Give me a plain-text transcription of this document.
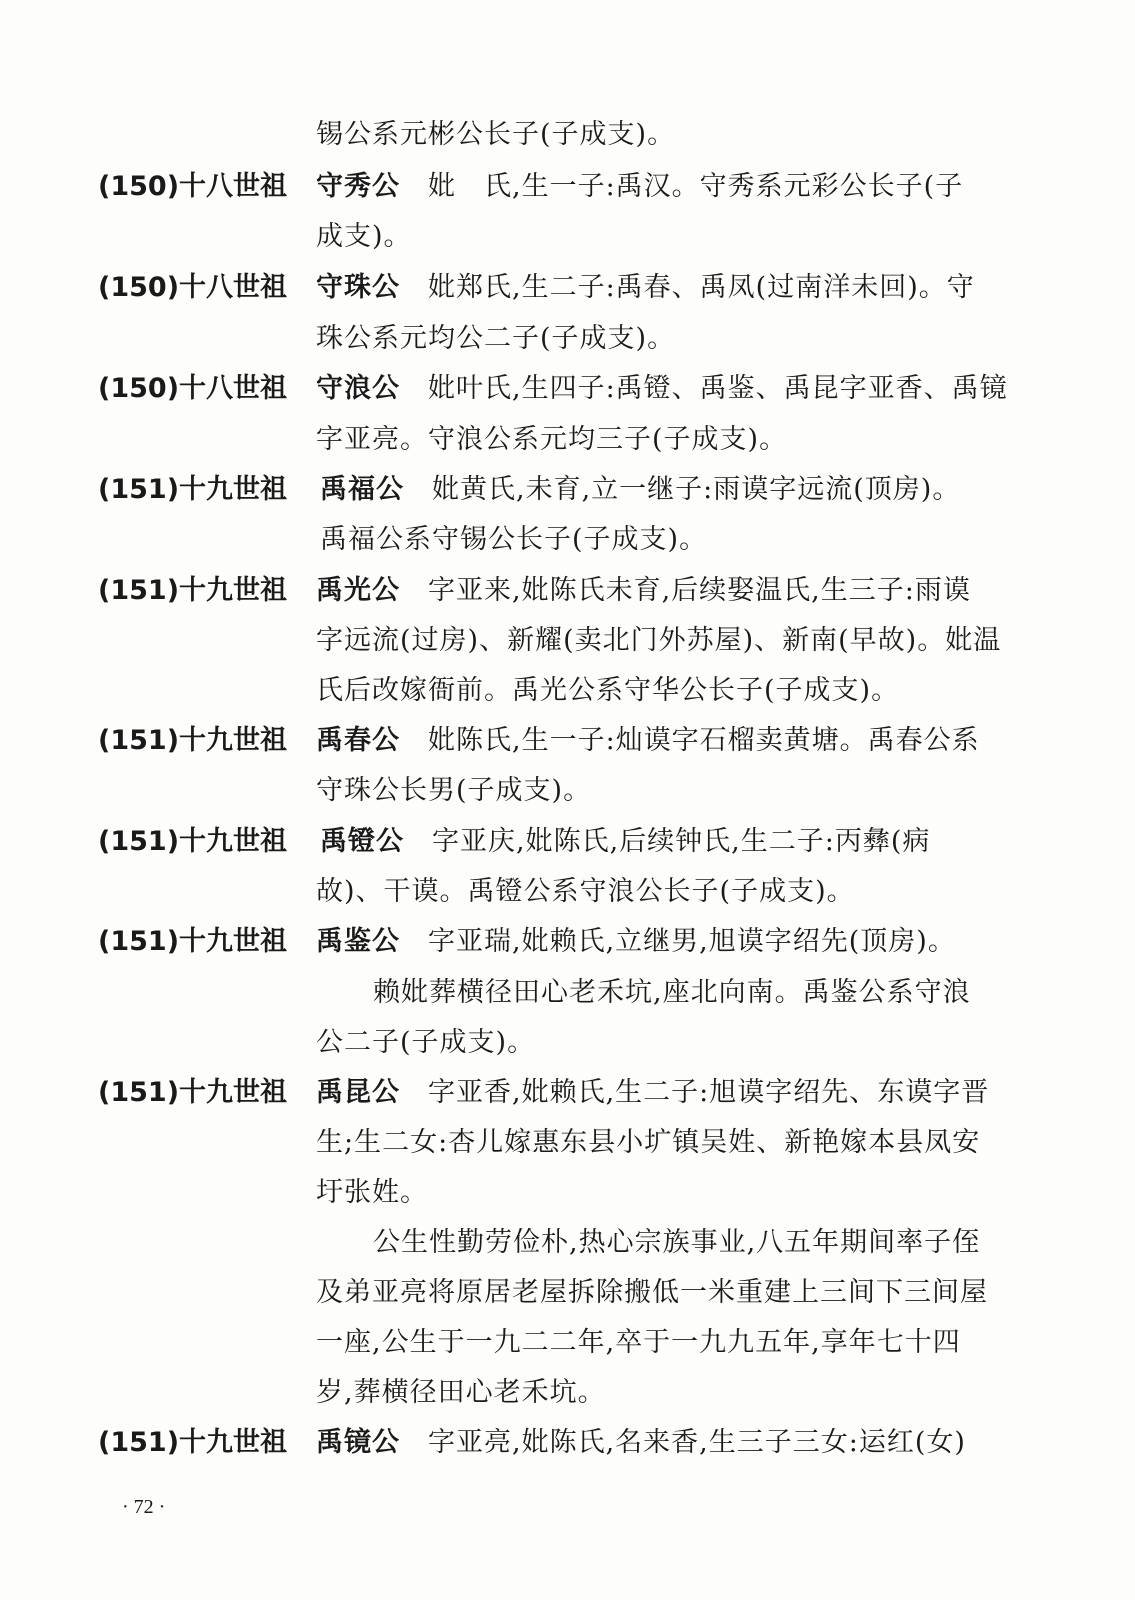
锡公系元彬公长子(子成支)。
(150)十八世祖 守秀公 妣　氏,生一子:禹汉。守秀系元彩公长子(子
成支)。
(150)十八世祖 守珠公 妣郑氏,生二子:禹春、禹凤(过南洋未回)。守
珠公系元均公二子(子成支)。
(150)十八世祖 守浪公 妣叶氏,生四子:禹镫、禹鉴、禹昆字亚香、禹镜
字亚亮。守浪公系元均三子(子成支)。
(151)十九世祖 禹福公 妣黄氏,未育,立一继子:雨谟字远流(顶房)。
禹福公系守锡公长子(子成支)。
(151)十九世祖 禹光公 字亚来,妣陈氏未育,后续娶温氏,生三子:雨谟
字远流(过房)、新耀(卖北门外苏屋)、新南(早故)。妣温
氏后改嫁衙前。禹光公系守华公长子(子成支)。
(151)十九世祖 禹春公 妣陈氏,生一子:灿谟字石榴卖黄塘。禹春公系
守珠公长男(子成支)。
(151)十九世祖 禹镫公 字亚庆,妣陈氏,后续钟氏,生二子:丙彝(病
故)、干谟。禹镫公系守浪公长子(子成支)。
(151)十九世祖 禹鉴公 字亚瑞,妣赖氏,立继男,旭谟字绍先(顶房)。
赖妣葬横径田心老禾坑,座北向南。禹鉴公系守浪
公二子(子成支)。
(151)十九世祖 禹昆公 字亚香,妣赖氏,生二子:旭谟字绍先、东谟字晋
生;生二女:杏儿嫁惠东县小圹镇吴姓、新艳嫁本县凤安
圩张姓。
公生性勤劳俭朴,热心宗族事业,八五年期间率子侄
及弟亚亮将原居老屋拆除搬低一米重建上三间下三间屋
一座,公生于一九二二年,卒于一九九五年,享年七十四
岁,葬横径田心老禾坑。
(151)十九世祖 禹镜公 字亚亮,妣陈氏,名来香,生三子三女:运红(女)
· 72 ·
